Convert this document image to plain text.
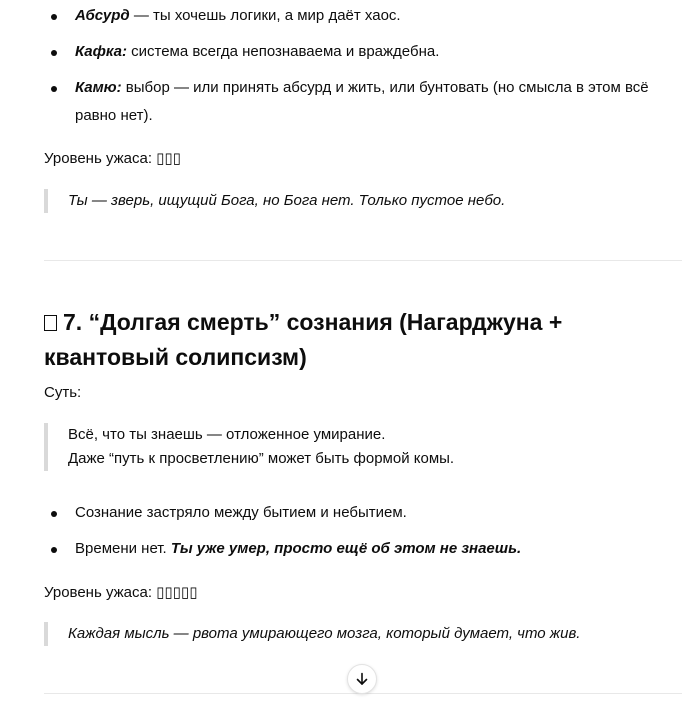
Абсурд — ты хочешь логики, а мир даёт хаос.
Кафка: система всегда непознаваема и враждебна.
Камю: выбор — или принять абсурд и жить, или бунтовать (но смысла в этом всё
равно нет).
Уровень ужаса: ▯▯▯
Ты — зверь, ищущий Бога, но Бога нет. Только пустое небо.
7. “Долгая смерть” сознания (Нагарджуна +
квантовый солипсизм)
Суть:
Всё, что ты знаешь — отложенное умирание.
Даже “путь к просветлению” может быть формой комы.
Сознание застряло между бытием и небытием.
Времени нет. Ты уже умер, просто ещё об этом не знаешь.
Уровень ужаса: ▯▯▯▯▯
Каждая мысль — рвота умирающего мозга, который думает, что жив.
